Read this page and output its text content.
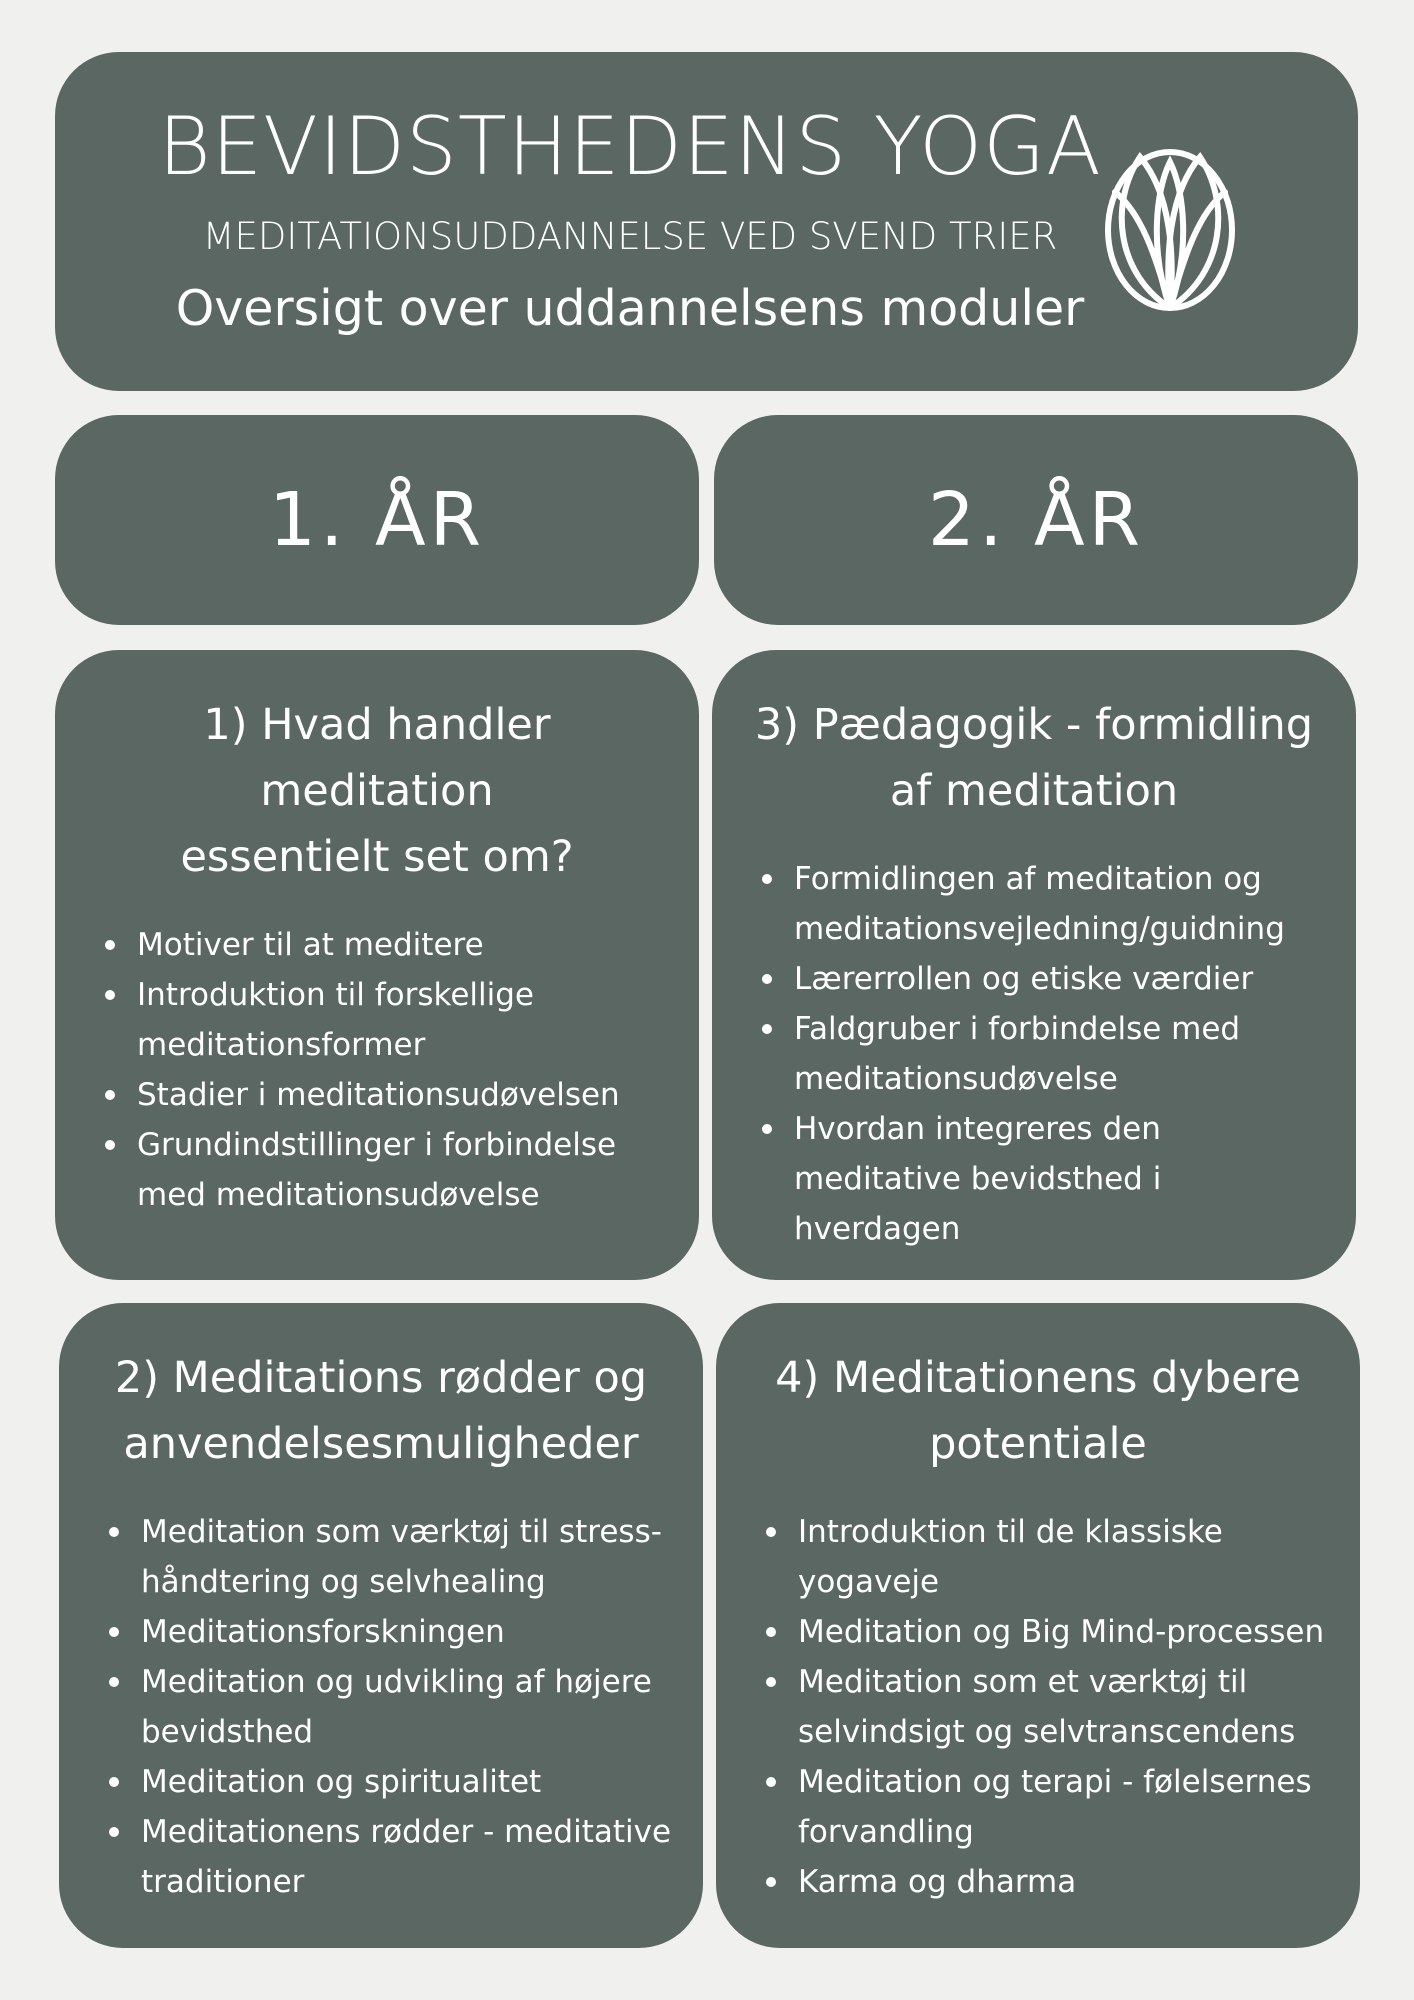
BEVIDSTHEDENS YOGA
MEDITATIONSUDDANNELSE VED SVEND TRIER
Oversigt over uddannelsens moduler
1. ÅR	2. ÅR
1) Hvad handler meditation
essentielt set om?
Motiver til at meditere
Introduktion til forskellige meditationsformer
Stadier i meditationsudøvelsen
Grundindstillinger i forbindelse med meditationsudøvelse
3) Pædagogik - formidling
af meditation
Formidlingen af meditation og meditationsvejledning/guidning
Lærerrollen og etiske værdier
Faldgruber i forbindelse med meditationsudøvelse
Hvordan integreres den meditative bevidsthed i hverdagen
2) Meditations rødder og
anvendelsesmuligheder
Meditation som værktøj til stress-håndtering og selvhealing
Meditationsforskningen
Meditation og udvikling af højere bevidsthed
Meditation og spiritualitet
Meditationens rødder - meditative traditioner
4) Meditationens dybere
potentiale
Introduktion til de klassiske yogaveje
Meditation og Big Mind-processen
Meditation som et værktøj til selvindsigt og selvtranscendens
Meditation og terapi - følelsernes forvandling
Karma og dharma
